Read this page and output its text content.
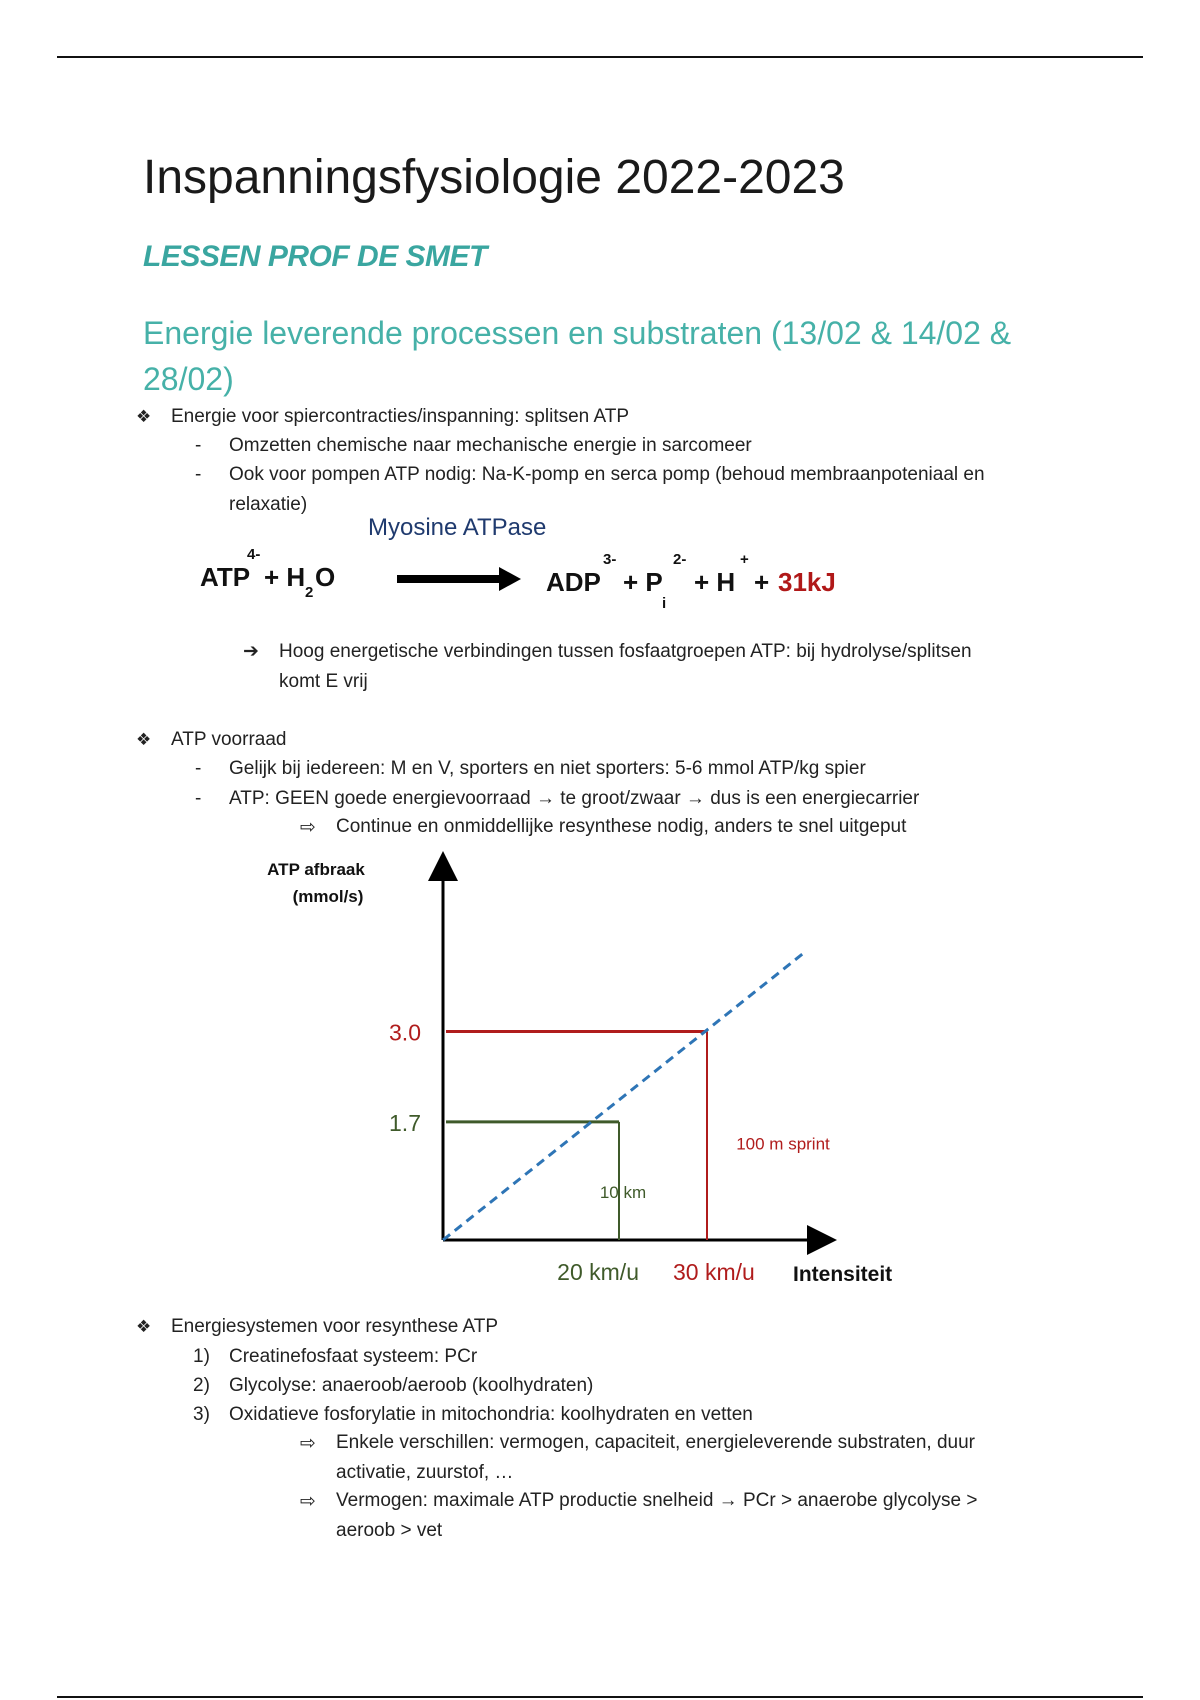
Inspanningsfysiologie 2022-2023
LESSEN PROF DE SMET
Energie leverende processen en substraten (13/02 & 14/02 & 28/02)
❖ Energie voor spiercontracties/inspanning: splitsen ATP
- Omzetten chemische naar mechanische energie in sarcomeer
- Ook voor pompen ATP nodig: Na-K-pomp en serca pomp (behoud membraanpoteniaal en
relaxatie)
Myosine ATPase
ATP
4-
+ H
2
O	ADP
3-
+ P
2-
i
+ H
+
+ 31kJ
➔ Hoog energetische verbindingen tussen fosfaatgroepen ATP: bij hydrolyse/splitsen
komt E vrij
❖ ATP voorraad
- Gelijk bij iedereen: M en V, sporters en niet sporters: 5-6 mmol ATP/kg spier
- ATP: GEEN goede energievoorraad → te groot/zwaar → dus is een energiecarrier
⇨ Continue en onmiddellijke resynthese nodig, anders te snel uitgeput
ATP afbraak
(mmol/s)
3.0
30 km/u
100 m sprint
1.7
20 km/u
10 km
Intensiteit
❖ Energiesystemen voor resynthese ATP
1) Creatinefosfaat systeem: PCr
2) Glycolyse: anaeroob/aeroob (koolhydraten)
3) Oxidatieve fosforylatie in mitochondria: koolhydraten en vetten
⇨ Enkele verschillen: vermogen, capaciteit, energieleverende substraten, duur
activatie, zuurstof, …
⇨ Vermogen: maximale ATP productie snelheid → PCr > anaerobe glycolyse >
aeroob > vet
